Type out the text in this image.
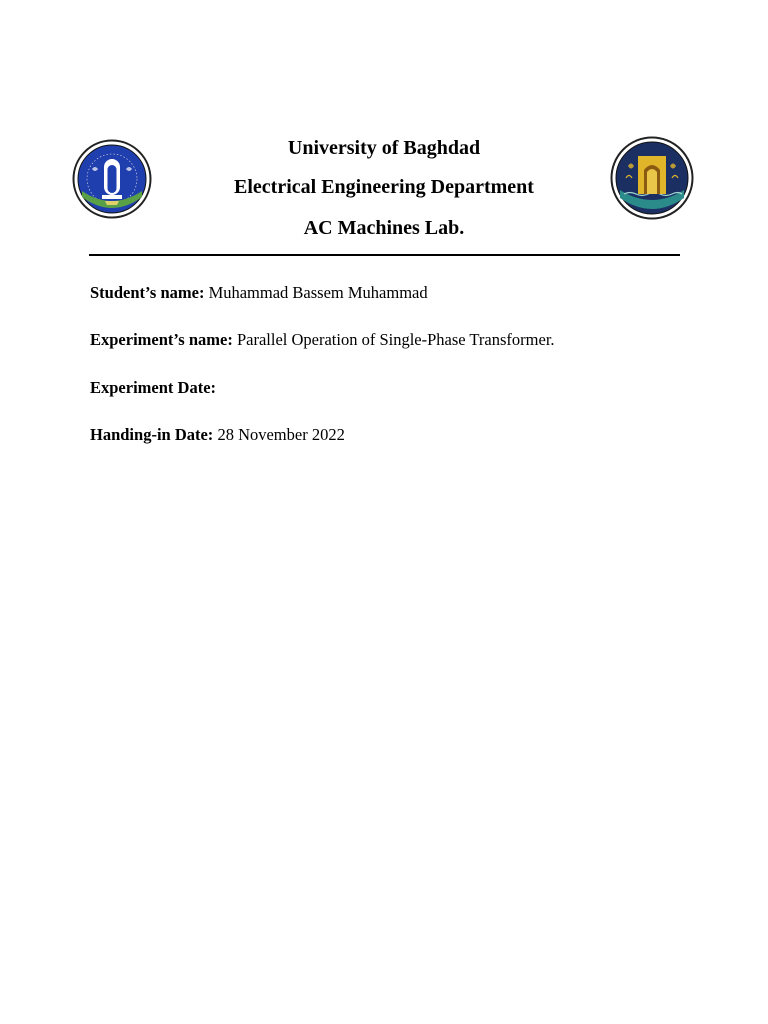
University of Baghdad
Electrical Engineering Department
AC Machines Lab.
Student’s name: Muhammad Bassem Muhammad
Experiment’s name: Parallel Operation of Single-Phase Transformer.
Experiment Date:
Handing-in Date: 28 November 2022
